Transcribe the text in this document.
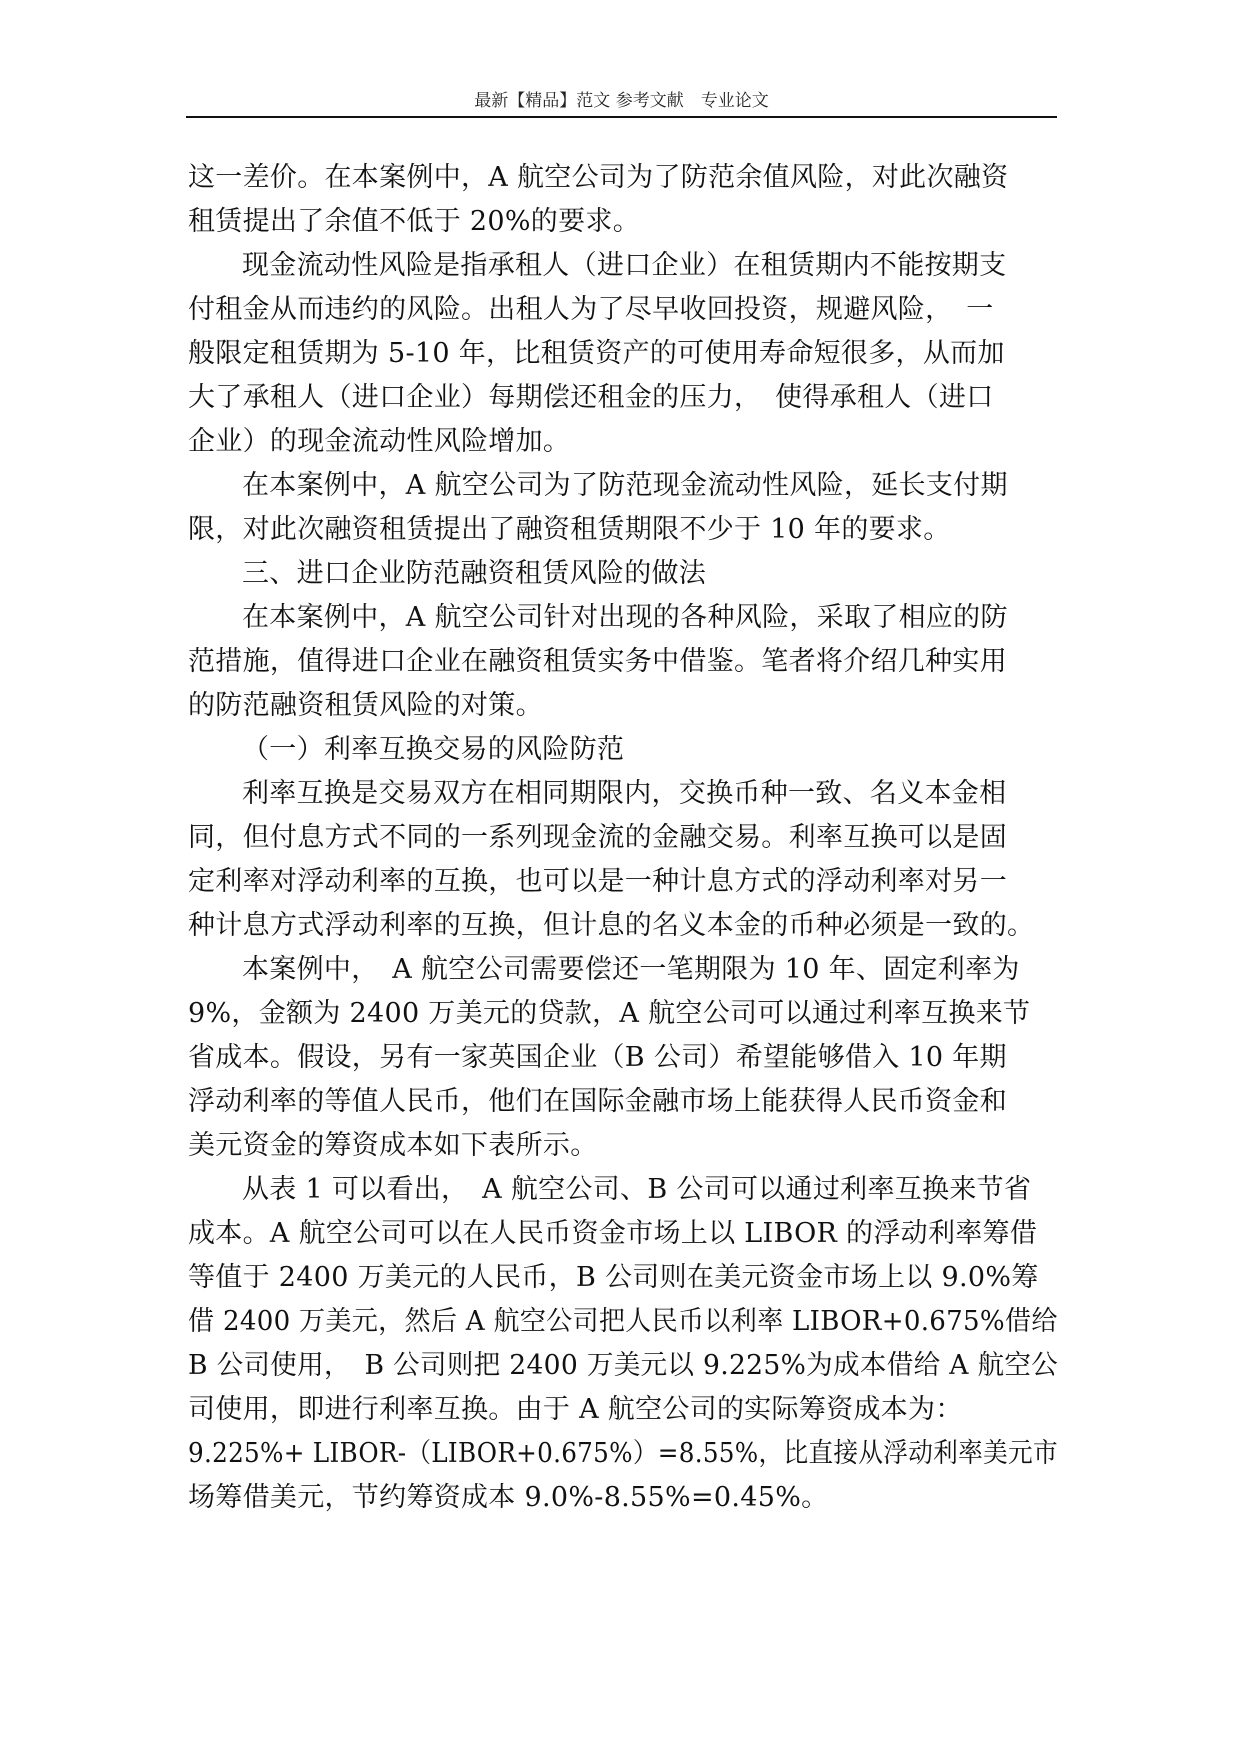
最新【精品】范文 参考文献　专业论文
这一差价。在本案例中，A 航空公司为了防范余值风险，对此次融资
租赁提出了余值不低于 20%的要求。
现金流动性风险是指承租人（进口企业）在租赁期内不能按期支
付租金从而违约的风险。出租人为了尽早收回投资，规避风险，　一
般限定租赁期为 5-10 年，比租赁资产的可使用寿命短很多，从而加
大了承租人（进口企业）每期偿还租金的压力，　使得承租人（进口
企业）的现金流动性风险增加。
在本案例中，A 航空公司为了防范现金流动性风险，延长支付期
限，对此次融资租赁提出了融资租赁期限不少于 10 年的要求。
三、进口企业防范融资租赁风险的做法
在本案例中，A 航空公司针对出现的各种风险，采取了相应的防
范措施，值得进口企业在融资租赁实务中借鉴。笔者将介绍几种实用
的防范融资租赁风险的对策。
（一）利率互换交易的风险防范
利率互换是交易双方在相同期限内，交换币种一致、名义本金相
同，但付息方式不同的一系列现金流的金融交易。利率互换可以是固
定利率对浮动利率的互换，也可以是一种计息方式的浮动利率对另一
种计息方式浮动利率的互换，但计息的名义本金的币种必须是一致的。
本案例中，　A 航空公司需要偿还一笔期限为 10 年、固定利率为
9%，金额为 2400 万美元的贷款，A 航空公司可以通过利率互换来节
省成本。假设，另有一家英国企业（B 公司）希望能够借入 10 年期
浮动利率的等值人民币，他们在国际金融市场上能获得人民币资金和
美元资金的筹资成本如下表所示。
从表 1 可以看出，　A 航空公司、B 公司可以通过利率互换来节省
成本。A 航空公司可以在人民币资金市场上以 LIBOR 的浮动利率筹借
等值于 2400 万美元的人民币，B 公司则在美元资金市场上以 9.0%筹
借 2400 万美元，然后 A 航空公司把人民币以利率 LIBOR+0.675%借给
B 公司使用，　B 公司则把 2400 万美元以 9.225%为成本借给 A 航空公
司使用，即进行利率互换。由于 A 航空公司的实际筹资成本为：
9.225%+ LIBOR-（LIBOR+0.675%）=8.55%，比直接从浮动利率美元市
场筹借美元，节约筹资成本 9.0%-8.55%=0.45%。
